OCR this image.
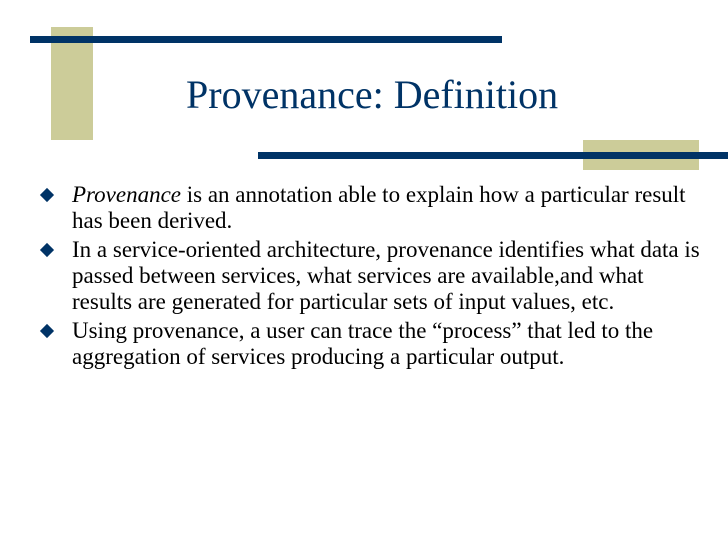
Provenance: Definition
Provenance is an annotation able to explain how a particular result has been derived.
In a service-oriented architecture, provenance identifies what data is passed between services, what services are available,and what results are generated for particular sets of input values, etc.
Using provenance, a user can trace the “process” that led to the aggregation of services producing a particular output.
